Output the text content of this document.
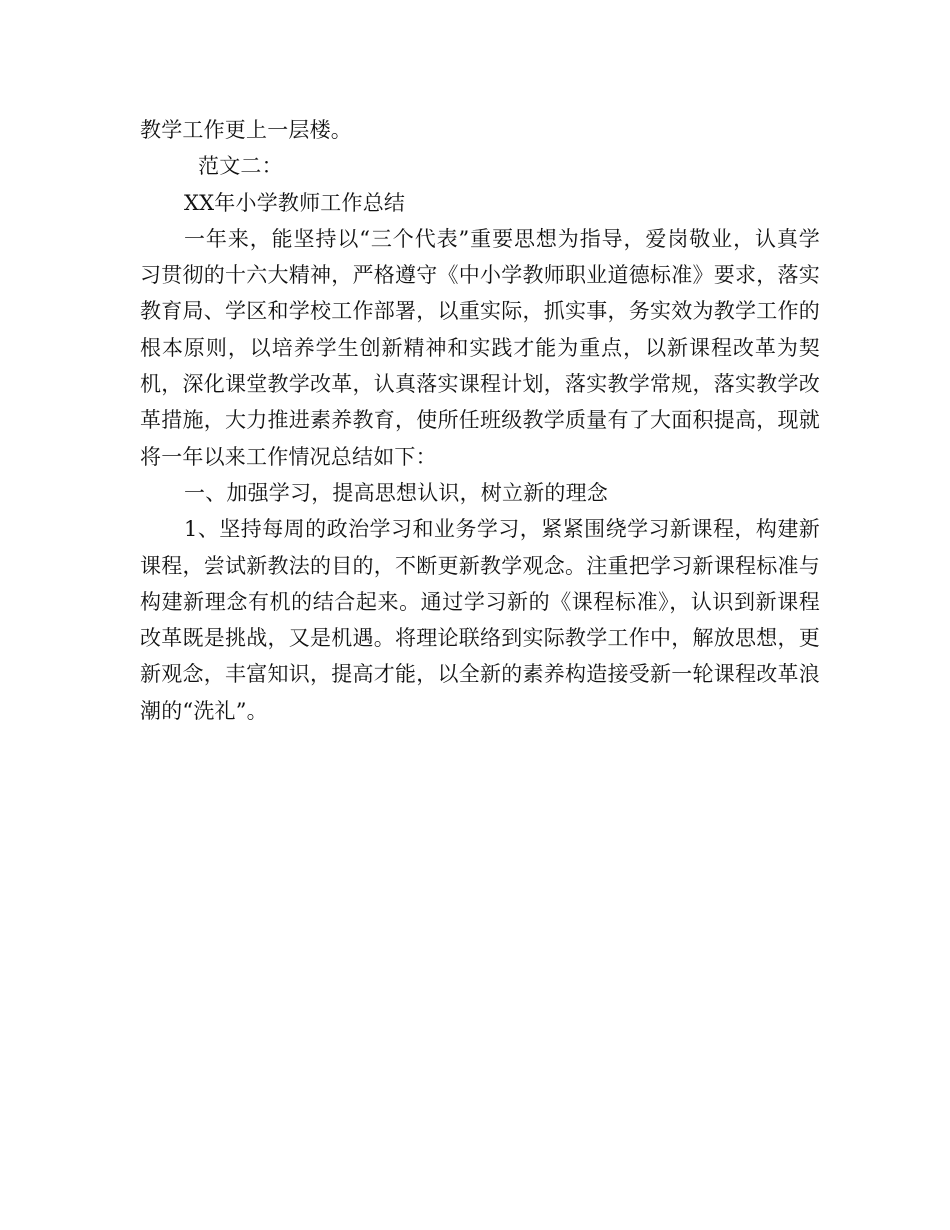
教学工作更上一层楼。

范文二：

XX年小学教师工作总结

一年来，能坚持以“三个代表”重要思想为指导，爱岗敬业，认真学习贯彻的十六大精神，严格遵守《中小学教师职业道德标准》要求，落实教育局、学区和学校工作部署，以重实际，抓实事，务实效为教学工作的根本原则，以培养学生创新精神和实践才能为重点，以新课程改革为契机，深化课堂教学改革，认真落实课程计划，落实教学常规，落实教学改革措施，大力推进素养教育，使所任班级教学质量有了大面积提高，现就将一年以来工作情况总结如下：

一、加强学习，提高思想认识，树立新的理念

1、坚持每周的政治学习和业务学习，紧紧围绕学习新课程，构建新课程，尝试新教法的目的，不断更新教学观念。注重把学习新课程标准与构建新理念有机的结合起来。通过学习新的《课程标准》，认识到新课程改革既是挑战，又是机遇。将理论联络到实际教学工作中，解放思想，更新观念，丰富知识，提高才能，以全新的素养构造接受新一轮课程改革浪潮的“洗礼”。
